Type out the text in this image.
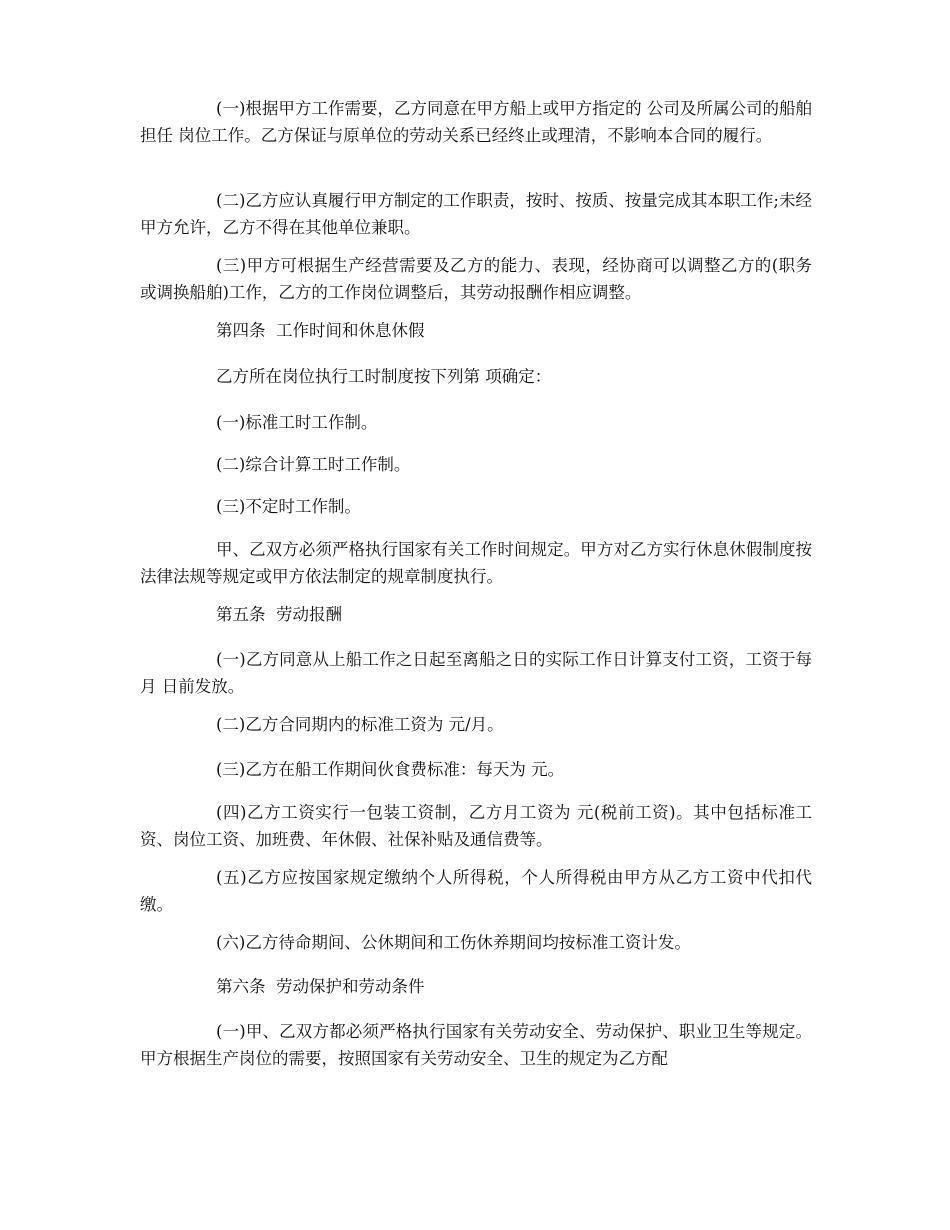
(一)根据甲方工作需要，乙方同意在甲方船上或甲方指定的 公司及所属公司的船舶担任 岗位工作。乙方保证与原单位的劳动关系已经终止或理清，不影响本合同的履行。

(二)乙方应认真履行甲方制定的工作职责，按时、按质、按量完成其本职工作;未经甲方允许，乙方不得在其他单位兼职。

(三)甲方可根据生产经营需要及乙方的能力、表现，经协商可以调整乙方的(职务或调换船舶)工作，乙方的工作岗位调整后，其劳动报酬作相应调整。

第四条  工作时间和休息休假

乙方所在岗位执行工时制度按下列第 项确定：

(一)标准工时工作制。

(二)综合计算工时工作制。

(三)不定时工作制。

甲、乙双方必须严格执行国家有关工作时间规定。甲方对乙方实行休息休假制度按法律法规等规定或甲方依法制定的规章制度执行。

第五条  劳动报酬

(一)乙方同意从上船工作之日起至离船之日的实际工作日计算支付工资，工资于每月 日前发放。

(二)乙方合同期内的标准工资为 元/月。

(三)乙方在船工作期间伙食费标准：每天为 元。

(四)乙方工资实行一包装工资制，乙方月工资为 元(税前工资)。其中包括标准工资、岗位工资、加班费、年休假、社保补贴及通信费等。

(五)乙方应按国家规定缴纳个人所得税，个人所得税由甲方从乙方工资中代扣代缴。

(六)乙方待命期间、公休期间和工伤休养期间均按标准工资计发。

第六条  劳动保护和劳动条件

(一)甲、乙双方都必须严格执行国家有关劳动安全、劳动保护、职业卫生等规定。甲方根据生产岗位的需要，按照国家有关劳动安全、卫生的规定为乙方配
